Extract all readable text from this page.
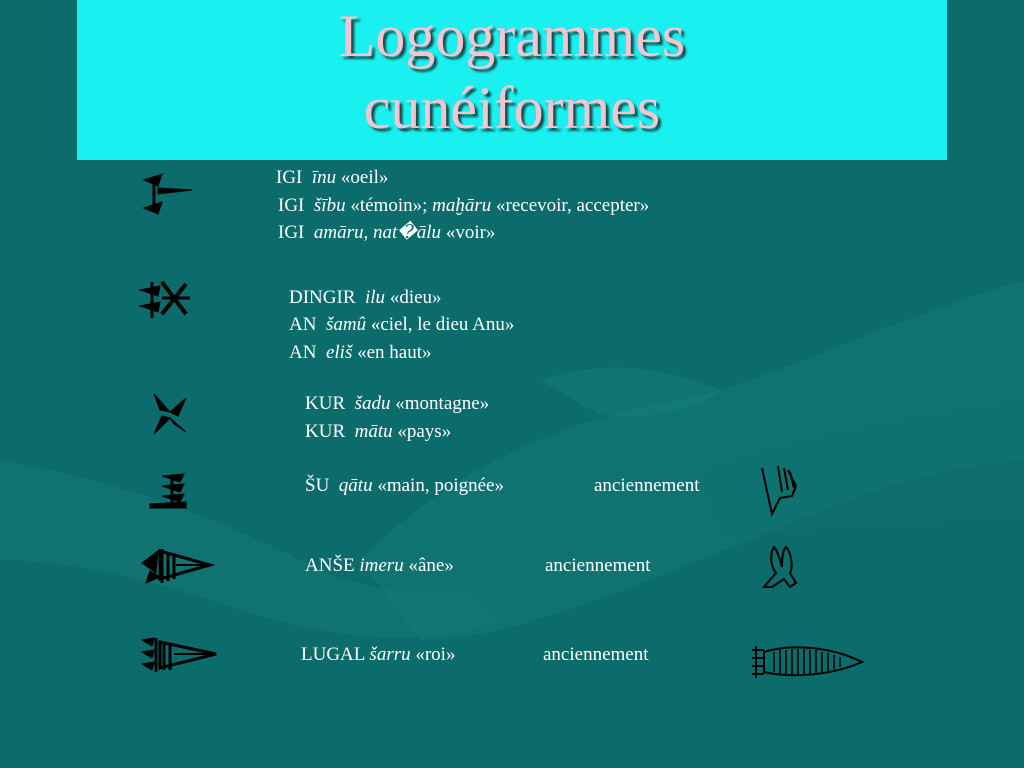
Logogrammes
cunéiformes
IGI īnu «oeil»
IGI šību «témoin»; maḫāru «recevoir, accepter»
IGI amāru, nat�ālu «voir»
DINGIR ilu «dieu»
AN šamû «ciel, le dieu Anu»
AN eliš «en haut»
KUR šadu «montagne»
KUR mātu «pays»
ŠU qātu «main, poignée»	anciennement
ANŠE imeru «âne»	anciennement
LUGAL šarru «roi»	anciennement
